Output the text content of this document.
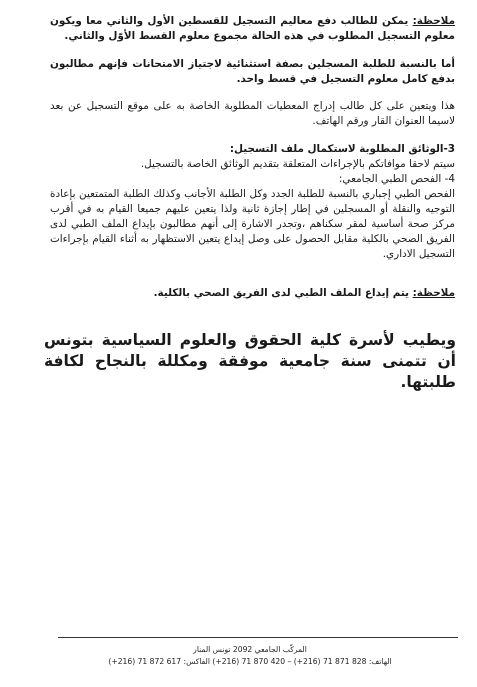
ملاحظة: يمكن للطالب دفع معاليم التسجيل للقسطين الأول والثاني معا ويكون معلوم التسجيل المطلوب في هذه الحالة مجموع معلوم القسط الأوّل والثاني.
أما بالنسبة للطلبة المسجلين بصفة استثنائية لاجتياز الامتحانات فإنهم مطالبون بدفع كامل معلوم التسجيل في قسط واحد.
هذا ويتعين على كل طالب إدراج المعطيات المطلوبة الخاصة به على موقع التسجيل عن بعد لاسيما العنوان القار ورقم الهاتف.
3-الوثائق المطلوبة لاستكمال ملف التسجيل:
سيتم لاحقا موافاتكم بالإجراءات المتعلقة بتقديم الوثائق الخاصة بالتسجيل.
4- الفحص الطبي الجامعي:
الفحص الطبي إجباري بالنسبة للطلبة الجدد وكل الطلبة الأجانب وكذلك الطلبة المتمتعين بإعادة التوجيه والنقلة أو المسجلين في إطار إجازة ثانية ولذا يتعين عليهم جميعا القيام به في أقرب مركز صحة أساسية لمقر سكناهم ،وتجدر الاشارة إلى أنهم مطالبون بإيداع الملف الطبي لدى الفريق الصحي بالكلية مقابل الحصول على وصل إيداع يتعين الاستظهار به أثناء القيام بإجراءات التسجيل الاداري.
ملاحظة: يتم إيداع الملف الطبي لدى الفريق الصحي بالكلية.
ويطيب لأسرة كلية الحقوق والعلوم السياسية بتونس أن تتمنى سنة جامعية موفقة ومكللة بالنجاح لكافة طلبتها.
المركّب الجامعي 2092 تونس المنار
الهاتف: 828 871 71 (216+) – 420 870 71 (216+) الفاكس: 617 872 71 (216+)
